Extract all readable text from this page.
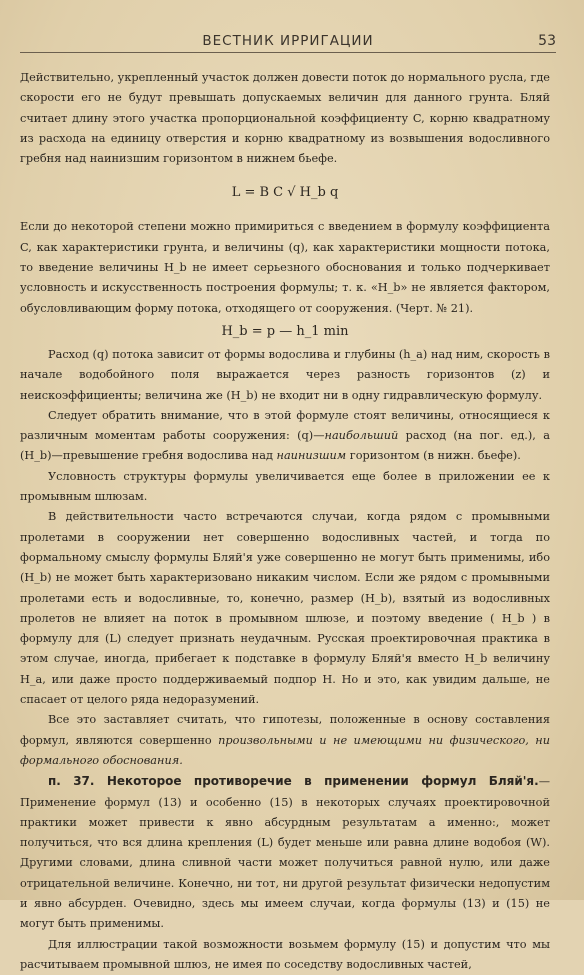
ВЕСТНИК ИРРИГАЦИИ	53

Действительно, укрепленный участок должен довести поток до нормального русла, где скорости его не будут превышать допускаемых величин для данного грунта. Бляй считает длину этого участка пропорциональной коэффициенту C, корню квадратному из расхода на единицу отверстия и корню квадратному из возвышения водосливного гребня над наинизшим горизонтом в нижнем бьефе.

L = B C √ H_b q

Если до некоторой степени можно примириться с введением в формулу коэффициента C, как характеристики грунта, и величины (q), как характеристики мощности потока, то введение величины H_b не имеет серьезного обоснования и только подчеркивает условность и искусственность построения формулы; т. к. «H_b» не является фактором, обусловливающим форму потока, отходящего от сооружения. (Черт. № 21).

H_b = p — h_1 min

Расход (q) потока зависит от формы водослива и глубины (h_a) над ним, скорость в начале водобойного поля выражается через разность горизонтов (z) и неискоэффициенты; величина же (H_b) не входит ни в одну гидравлическую формулу.

Следует обратить внимание, что в этой формуле стоят величины, относящиеся к различным моментам работы сооружения: (q)—наибольший расход (на пог. ед.), а (H_b)—превышение гребня водослива над наинизшим горизонтом (в нижн. бьефе).

Условность структуры формулы увеличивается еще более в приложении ее к промывным шлюзам.

В действительности часто встречаются случаи, когда рядом с промывными пролетами в сооружении нет совершенно водосливных частей, и тогда по формальному смыслу формулы Бляй'я уже совершенно не могут быть применимы, ибо (H_b) не может быть характеризовано никаким числом. Если же рядом с промывными пролетами есть и водосливные, то, конечно, размер (H_b), взятый из водосливных пролетов не влияет на поток в промывном шлюзе, и поэтому введение ( H_b ) в формулу для (L) следует признать неудачным. Русская проектировочная практика в этом случае, иногда, прибегает к подставке в формулу Бляй'я вместо H_b величину H_a, или даже просто поддерживаемый подпор H. Но и это, как увидим дальше, не спасает от целого ряда недоразумений.

Все это заставляет считать, что гипотезы, положенные в основу составления формул, являются совершенно произвольными и не имеющими ни физического, ни формального обоснования.

п. 37. Некоторое противоречие в применении формул Бляй'я.—Применение формул (13) и особенно (15) в некоторых случаях проектировочной практики может привести к явно абсурдным результатам а именно:, может получиться, что вся длина крепления (L) будет меньше или равна длине водобоя (W). Другими словами, длина сливной части может получиться равной нулю, или даже отрицательной величине. Конечно, ни тот, ни другой результат физически недопустим и явно абсурден. Очевидно, здесь мы имеем случаи, когда формулы (13) и (15) не могут быть применимы.

Для иллюстрации такой возможности возьмем формулу (15) и допустим что мы расчитываем промывной шлюз, не имея по соседству водосливных частей,
